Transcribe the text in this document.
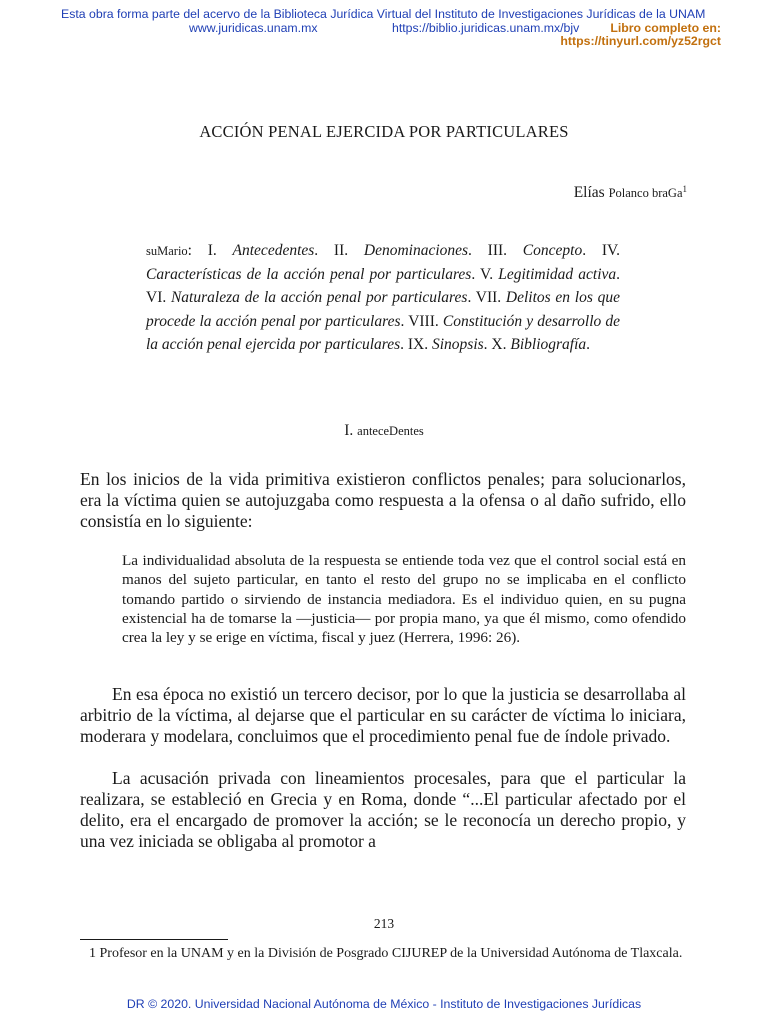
Esta obra forma parte del acervo de la Biblioteca Jurídica Virtual del Instituto de Investigaciones Jurídicas de la UNAM
www.juridicas.unam.mx	https://biblio.juridicas.unam.mx/bjv	Libro completo en:
https://tinyurl.com/yz52rgct
ACCIÓN PENAL EJERCIDA POR PARTICULARES
Elías Polanco braGa$^1$
suMario: I. Antecedentes. II. Denominaciones. III. Concepto. IV. Características de la acción penal por particulares. V. Legitimidad activa. VI. Naturaleza de la acción penal por particulares. VII. Delitos en los que procede la acción penal por particulares. VIII. Constitución y desarrollo de la acción penal ejercida por particulares. IX. Sinopsis. X. Bibliografía.
I. anteceDentes
En los inicios de la vida primitiva existieron conflictos penales; para solucionarlos, era la víctima quien se autojuzgaba como respuesta a la ofensa o al daño sufrido, ello consistía en lo siguiente:
La individualidad absoluta de la respuesta se entiende toda vez que el control social está en manos del sujeto particular, en tanto el resto del grupo no se implicaba en el conflicto tomando partido o sirviendo de instancia mediadora. Es el individuo quien, en su pugna existencial ha de tomarse la —justicia— por propia mano, ya que él mismo, como ofendido crea la ley y se erige en víctima, fiscal y juez (Herrera, 1996: 26).
En esa época no existió un tercero decisor, por lo que la justicia se desarrollaba al arbitrio de la víctima, al dejarse que el particular en su carácter de víctima lo iniciara, moderara y modelara, concluimos que el procedimiento penal fue de índole privado.
La acusación privada con lineamientos procesales, para que el particular la realizara, se estableció en Grecia y en Roma, donde “...El particular afectado por el delito, era el encargado de promover la acción; se le reconocía un derecho propio, y una vez iniciada se obligaba al promotor a
213
1 Profesor en la UNAM y en la División de Posgrado CIJUREP de la Universidad Autónoma de Tlaxcala.
DR © 2020. Universidad Nacional Autónoma de México - Instituto de Investigaciones Jurídicas
